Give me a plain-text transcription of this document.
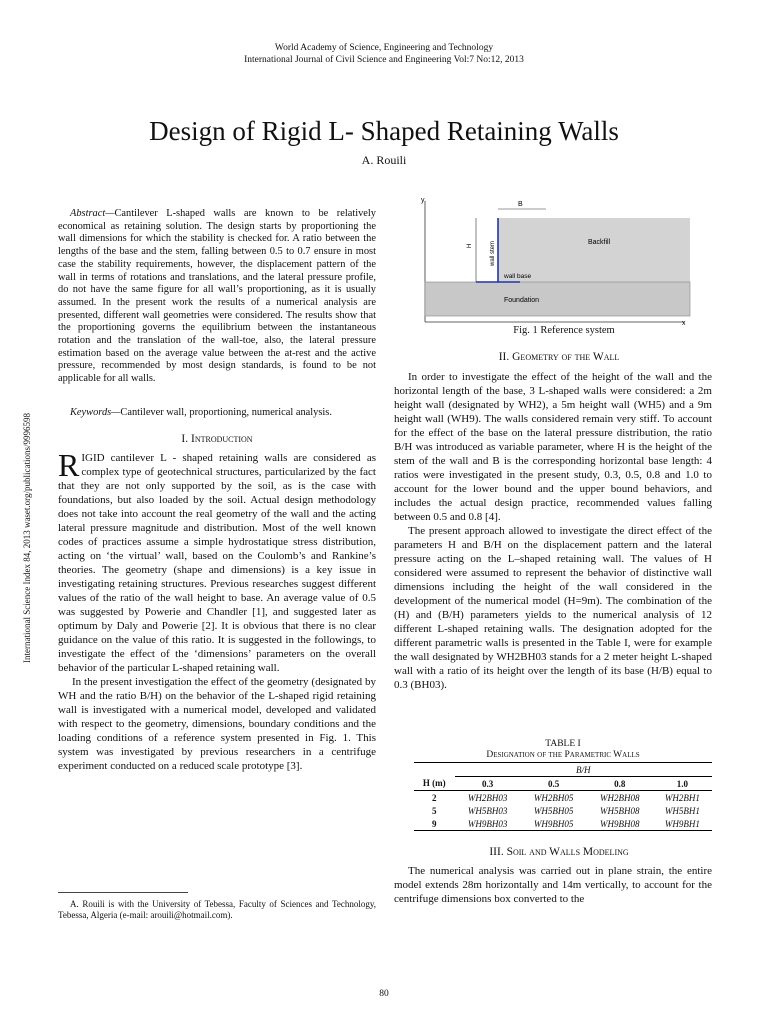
World Academy of Science, Engineering and Technology
International Journal of Civil Science and Engineering Vol:7 No:12, 2013
Design of Rigid L- Shaped Retaining Walls
A. Rouili
International Science Index 84, 2013 waset.org/publications/9996598
Abstract—Cantilever L-shaped walls are known to be relatively economical as retaining solution. The design starts by proportioning the wall dimensions for which the stability is checked for. A ratio between the lengths of the base and the stem, falling between 0.5 to 0.7 ensure in most case the stability requirements, however, the displacement pattern of the wall in terms of rotations and translations, and the lateral pressure profile, do not have the same figure for all wall’s proportioning, as it is usually assumed. In the present work the results of a numerical analysis are presented, different wall geometries were considered. The results show that the proportioning governs the equilibrium between the instantaneous rotation and the translation of the wall-toe, also, the lateral pressure estimation based on the average value between the at-rest and the active pressure, recommended by most design standards, is found to be not applicable for all walls.
Keywords—Cantilever wall, proportioning, numerical analysis.
I. Introduction

RIGID cantilever L - shaped retaining walls are considered as complex type of geotechnical structures, particularized by the fact that they are not only supported by the soil, as is the case with foundations, but also loaded by the soil. Actual design methodology does not take into account the real geometry of the wall and the acting lateral pressure magnitude and distribution. Most of the well known codes of practices assume a simple hydrostatique stress distribution, acting on ‘the virtual’ wall, based on the Coulomb’s and Rankine’s theories. The geometry (shape and dimensions) is a key issue in investigating retaining structures. Previous researches suggest different values of the ratio of the wall height to base. An average value of 0.5 was suggested by Powerie and Chandler [1], and suggested later as optimum by Daly and Powerie [2]. It is obvious that there is no clear guidance on the value of this ratio. It is suggested in the followings, to investigate the effect of the ‘dimensions’ parameters on the overall behavior of the particular L-shaped retaining wall.

In the present investigation the effect of the geometry (designated by WH and the ratio B/H) on the behavior of the L-shaped rigid retaining wall is investigated with a numerical model, developed and validated with respect to the geometry, dimensions, boundary conditions and the loading conditions of a reference system presented in Fig. 1. This system was investigated by previous researchers in a centrifuge experiment conducted on a reduced scale prototype [3].

A. Rouili is with the University of Tebessa, Faculty of Sciences and Technology, Tebessa, Algeria (e-mail: arouili@hotmail.com).
y
x
B
H	wall stem	Backfill
wall base
Foundation
Fig. 1 Reference system
II. Geometry of the Wall

In order to investigate the effect of the height of the wall and the horizontal length of the base, 3 L-shaped walls were considered: a 2m height wall (designated by WH2), a 5m height wall (WH5) and a 9m height wall (WH9). The walls considered remain very stiff. To account for the effect of the base on the lateral pressure distribution, the ratio B/H was introduced as variable parameter, where H is the height of the stem of the wall and B is the corresponding horizontal base length: 4 ratios were investigated in the present study, 0.3, 0.5, 0.8 and 1.0 to account for the lower bound and the upper bound behaviors, and includes the actual design practice, recommended values falling between 0.5 and 0.8 [4].

The present approach allowed to investigate the direct effect of the parameters H and B/H on the displacement pattern and the lateral pressure acting on the L–shaped retaining wall. The values of H considered were assumed to represent the behavior of distinctive wall dimensions including the height of the wall considered in the development of the numerical model (H=9m). The combination of the (H) and (B/H) parameters yields to the numerical analysis of 12 different L-shaped retaining walls. The designation adopted for the different parametric walls is presented in the Table I, were for example the wall designated by WH2BH03 stands for a 2 meter height L-shaped wall with a ratio of its height over the length of its base (H/B) equal to 0.3 (BH03).

TABLE I
Designation of the Parametric Walls
	B/H			
H (m)	0.3	0.5	0.8	1.0
2	WH2BH03	WH2BH05	WH2BH08	WH2BH1
5	WH5BH03	WH5BH05	WH5BH08	WH5BH1
9	WH9BH03	WH9BH05	WH9BH08	WH9BH1
III. Soil and Walls Modeling

The numerical analysis was carried out in plane strain, the entire model extends 28m horizontally and 14m vertically, to account for the centrifuge dimensions box converted to the

80
